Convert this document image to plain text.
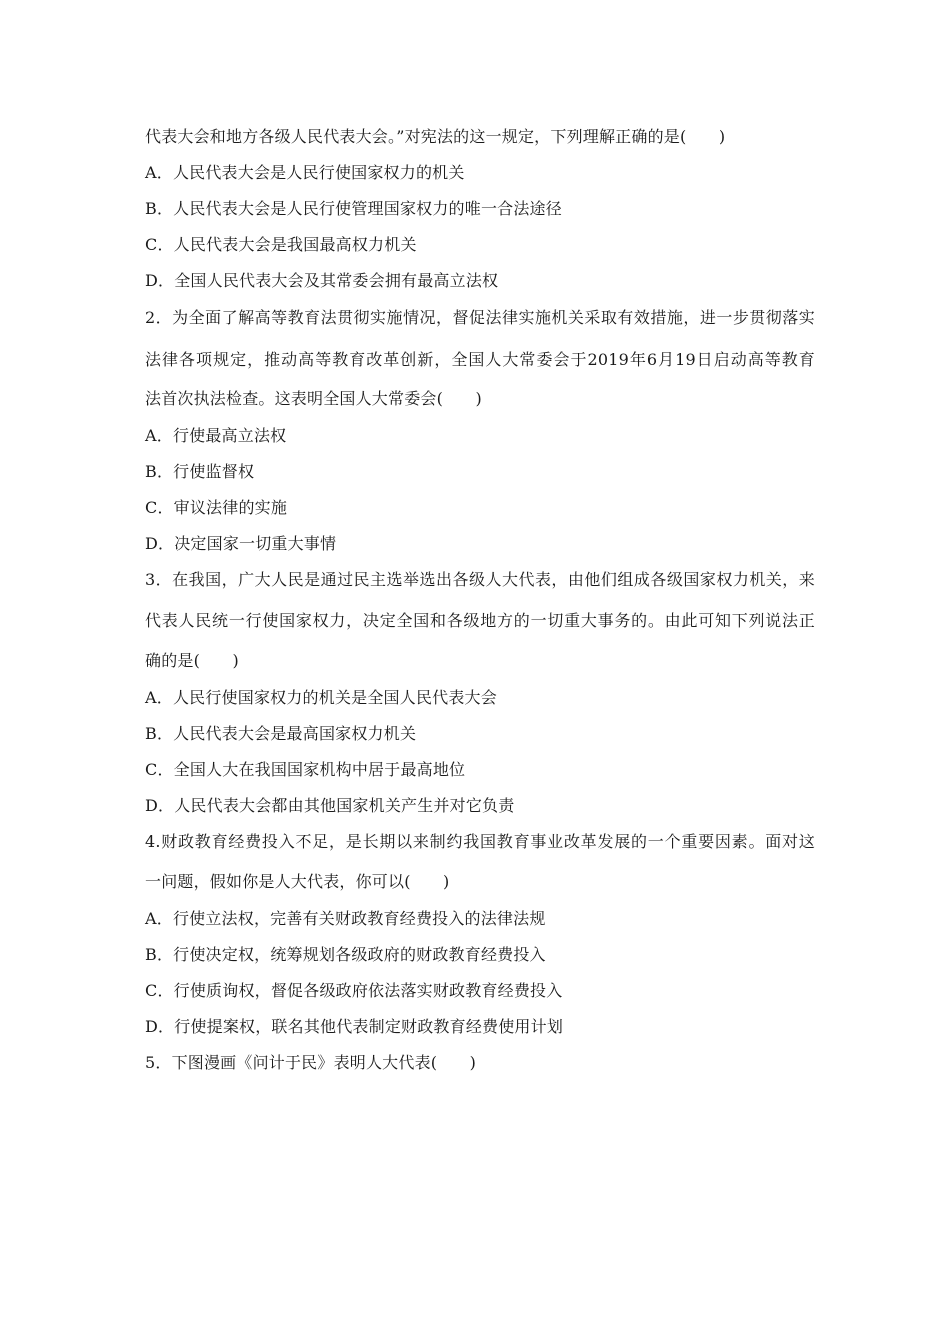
代表大会和地方各级人民代表大会。”对宪法的这一规定，下列理解正确的是(　　)
A．人民代表大会是人民行使国家权力的机关
B．人民代表大会是人民行使管理国家权力的唯一合法途径
C．人民代表大会是我国最高权力机关
D．全国人民代表大会及其常委会拥有最高立法权
2．为全面了解高等教育法贯彻实施情况，督促法律实施机关采取有效措施，进一步贯彻落实
法律各项规定，推动高等教育改革创新，全国人大常委会于2019年6月19日启动高等教育
法首次执法检查。这表明全国人大常委会(　　)
A．行使最高立法权
B．行使监督权
C．审议法律的实施
D．决定国家一切重大事情
3．在我国，广大人民是通过民主选举选出各级人大代表，由他们组成各级国家权力机关，来
代表人民统一行使国家权力，决定全国和各级地方的一切重大事务的。由此可知下列说法正
确的是(　　)
A．人民行使国家权力的机关是全国人民代表大会
B．人民代表大会是最高国家权力机关
C．全国人大在我国国家机构中居于最高地位
D．人民代表大会都由其他国家机关产生并对它负责
4.财政教育经费投入不足，是长期以来制约我国教育事业改革发展的一个重要因素。面对这
一问题，假如你是人大代表，你可以(　　)
A．行使立法权，完善有关财政教育经费投入的法律法规
B．行使决定权，统筹规划各级政府的财政教育经费投入
C．行使质询权，督促各级政府依法落实财政教育经费投入
D．行使提案权，联名其他代表制定财政教育经费使用计划
5．下图漫画《问计于民》表明人大代表(　　)
